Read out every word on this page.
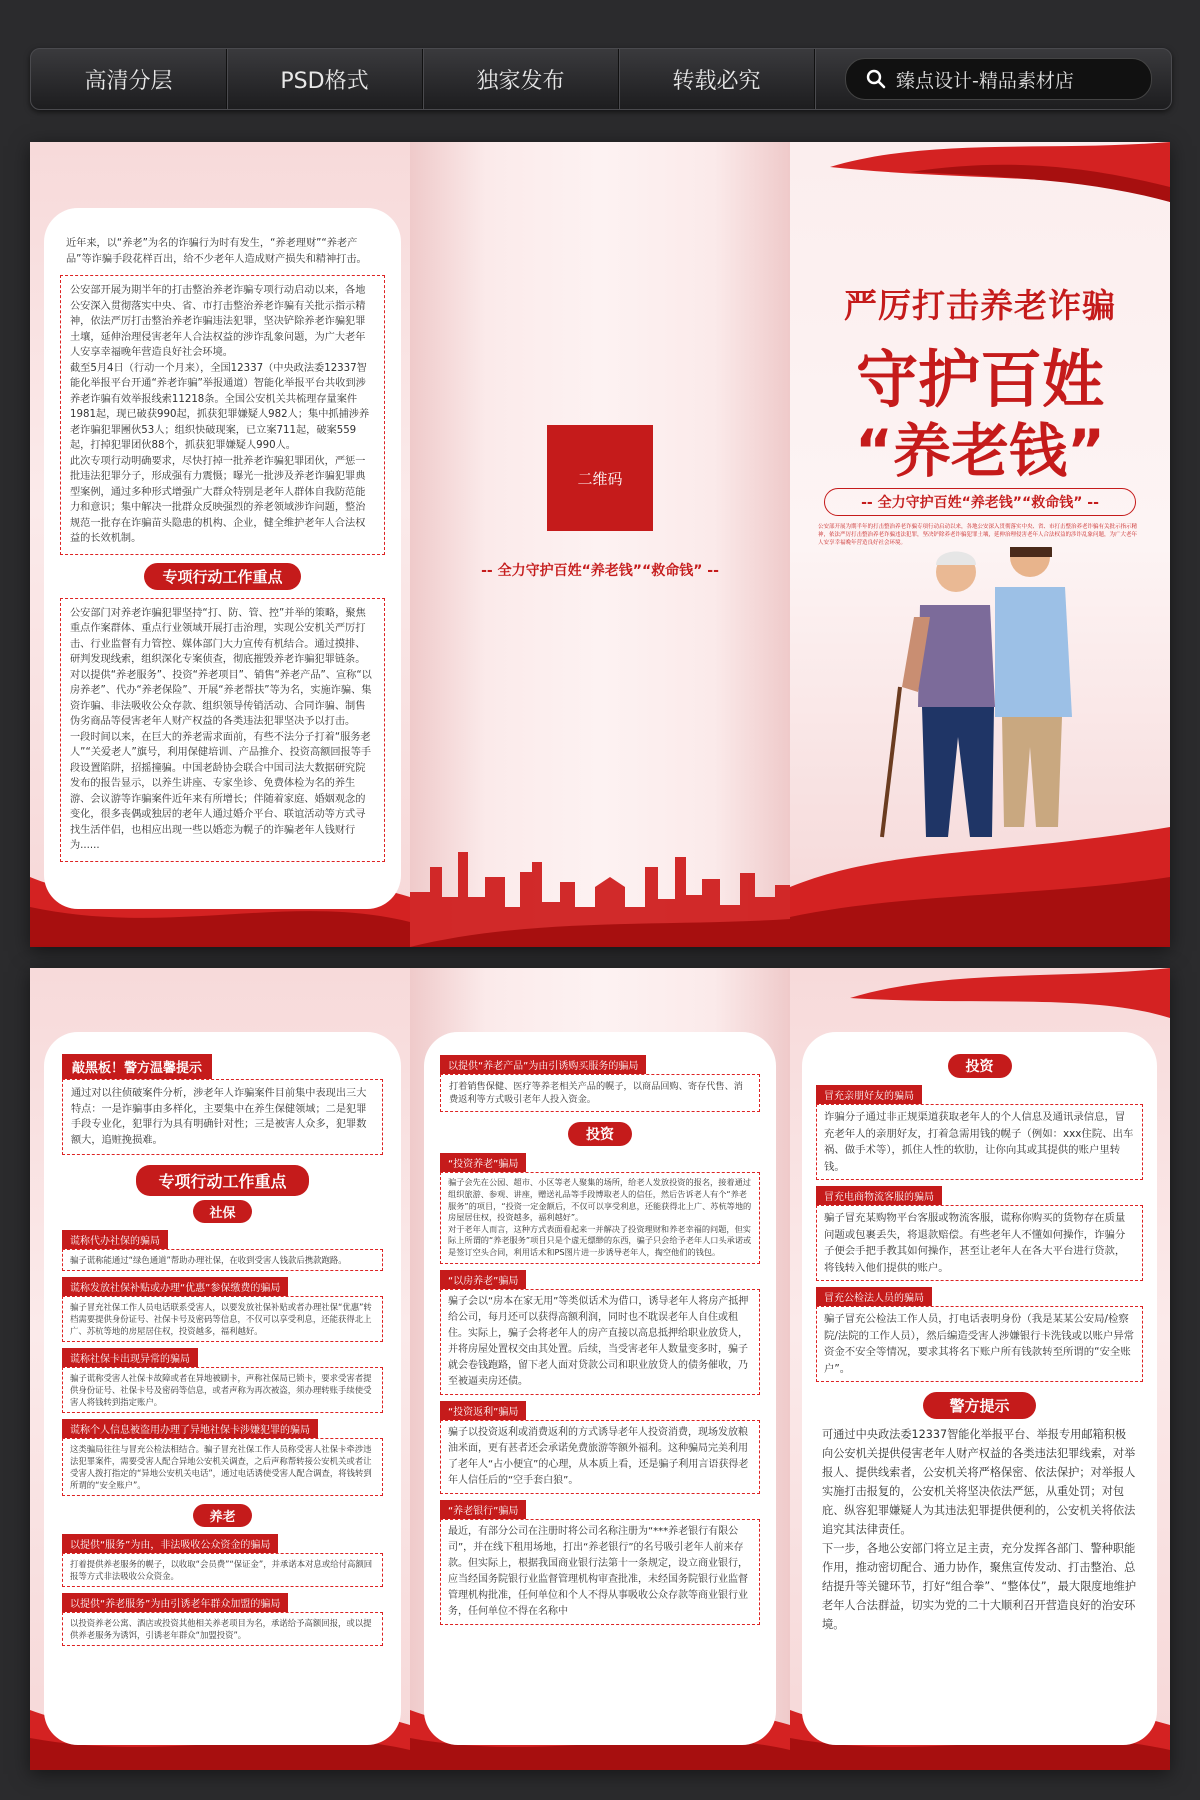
高清分层	PSD格式	独家发布	转载必究	臻点设计-精品素材店

近年来，以“养老”为名的诈骗行为时有发生，“养老理财”“养老产品”等诈骗手段花样百出，给不少老年人造成财产损失和精神打击。

公安部开展为期半年的打击整治养老诈骗专项行动启动以来，各地公安深入贯彻落实中央、省、市打击整治养老诈骗有关批示指示精神，依法严厉打击整治养老诈骗违法犯罪，坚决铲除养老诈骗犯罪土壤，延伸治理侵害老年人合法权益的涉诈乱象问题，为广大老年人安享幸福晚年营造良好社会环境。
截至5月4日（行动一个月来），全国12337（中央政法委12337智能化举报平台开通“养老诈骗”举报通道）智能化举报平台共收到涉养老诈骗有效举报线索11218条。全国公安机关共梳理存量案件1981起，现已破获990起，抓获犯罪嫌疑人982人；集中抓捕涉养老诈骗犯罪團伙53人；组织快破现案，已立案711起，破案559起，打掉犯罪团伙88个，抓获犯罪嫌疑人990人。
此次专项行动明确要求，尽快打掉一批养老诈骗犯罪团伙，严惩一批违法犯罪分子，形成强有力震慑；曝光一批涉及养老诈骗犯罪典型案例，通过多种形式增强广大群众特别是老年人群体自我防范能力和意识；集中解决一批群众反映强烈的养老领域涉诈问题，整治规范一批存在诈骗苗头隐患的机构、企业，健全维护老年人合法权益的长效机制。

专项行动工作重点

公安部门对养老诈骗犯罪坚持“打、防、管、控”并举的策略，聚焦重点作案群体、重点行业领域开展打击治理，实现公安机关严厉打击、行业监督有力管控、媒体部门大力宣传有机结合。通过摸排、研判发现线索，组织深化专案侦查，彻底摧毁养老诈骗犯罪链条。对以提供“养老服务”、投资“养老项目”、销售“养老产品”、宣称“以房养老”、代办“养老保险”、开展“养老帮扶”等为名，实施诈骗、集资诈骗、非法吸收公众存款、组织领导传销活动、合同诈骗、制售伪劣商品等侵害老年人财产权益的各类违法犯罪坚决予以打击。
一段时间以来，在巨大的养老需求面前，有些不法分子打着“服务老人”“关爱老人”旗号，利用保健培训、产品推介、投资高额回报等手段设置陷阱，招摇撞骗。中国老龄协会联合中国司法大数据研究院发布的报告显示，以养生讲座、专家坐诊、免费体检为名的养生游、会议游等诈骗案件近年来有所增长；伴随着家庭、婚姻观念的变化，很多丧偶或独居的老年人通过婚介平台、联谊活动等方式寻找生活伴侣，也相应出现一些以婚恋为幌子的诈骗老年人钱财行为......

二维码
-- 全力守护百姓“养老钱”“救命钱” --
严厉打击养老诈骗
守护百姓
“养老钱”
-- 全力守护百姓“养老钱”“救命钱” --

公安部开展为期半年的打击整治养老诈骗专项行动启动以来，各地公安深入贯彻落实中央、省、市打击整治养老诈骗有关批示指示精神，依法严厉打击整治养老诈骗违法犯罪，坚决铲除养老诈骗犯罪土壤，延伸治理侵害老年人合法权益的涉诈乱象问题，为广大老年人安享幸福晚年营造良好社会环境。

敲黑板！警方温馨提示

通过对以往侦破案件分析，涉老年人诈骗案件目前集中表现出三大特点：一是诈骗事由多样化，主要集中在养生保健领域；二是犯罪手段专业化，犯罪行为具有明确针对性；三是被害人众多，犯罪数额大，追赃挽损难。

专项行动工作重点
社保
谎称代办社保的骗局

骗子谎称能通过“绿色通道”帮助办理社保，在收到受害人钱款后携款跑路。

谎称发放社保补贴或办理“优惠”参保缴费的骗局

骗子冒充社保工作人员电话联系受害人，以要发放社保补贴或者办理社保“优惠”转档需要提供身份证号、社保卡号及密码等信息，不仅可以享受利息，还能获得北上广、苏杭等地的房屋居住权，投资越多，福利越好。

谎称社保卡出现异常的骗局

骗子谎称受害人社保卡故障或者在异地被刷卡，声称社保局已锁卡，要求受害者提供身份证号、社保卡号及密码等信息，或者声称为再次被盗，须办理转账手续使受害人将钱转到指定账户。

谎称个人信息被盗用办理了异地社保卡涉嫌犯罪的骗局

这类骗局往往与冒充公检法相结合。骗子冒充社保工作人员称受害人社保卡牵涉违法犯罪案件，需要受害人配合异地公安机关调查，之后声称帮转接公安机关或者让受害人拨打指定的“异地公安机关电话”，通过电话诱使受害人配合调查，将钱转到所谓的“安全账户”。

养老
以提供“服务”为由，非法吸收公众资金的骗局

打着提供养老服务的幌子，以收取“会员费”“保证金”，并承诺本对息或给付高额回报等方式非法吸收公众资金。

以提供“养老服务”为由引诱老年群众加盟的骗局

以投资养老公寓、酒店或投资其他相关养老项目为名，承诺给予高额回报，或以提供养老服务为诱饵，引诱老年群众“加盟投资”。

以提供“养老产品”为由引诱购买服务的骗局

打着销售保健、医疗等养老相关产品的幌子，以商品回购、寄存代售、消费返利等方式吸引老年人投入资金。

投资
“投资养老”骗局

骗子会先在公园、超市、小区等老人聚集的场所，给老人发放投资的报名，接着通过组织旅游、参观、讲座，赠送礼品等手段博取老人的信任，然后告诉老人有个“养老服务”的项目，“投资一定金额后，不仅可以享受利息，还能获得北上广、苏杭等地的房屋居住权，投资越多，福利越好”。
对于老年人而言，这种方式表面看起来一并解决了投资理财和养老幸福的问题，但实际上所谓的“养老服务”项目只是个虚无缥缈的东西，骗子只会给予老年人口头承诺或是签订空头合同，利用话术和PS图片进一步诱导老年人，掏空他们的钱包。

“以房养老”骗局

骗子会以“房本在家无用”等类似话术为借口，诱导老年人将房产抵押给公司，每月还可以获得高额利润，同时也不耽误老年人自住或租住。实际上，骗子会将老年人的房产直接以高息抵押给职业放贷人，并将房屋处置权交由其处置。后续，当受害老年人数量变多时，骗子就会卷钱跑路，留下老人面对贷款公司和职业放贷人的债务催收，乃至被逼卖房还债。

“投资返利”骗局

骗子以投资返利或消费返利的方式诱导老年人投资消费，现场发放粮油米面，更有甚者还会承诺免费旅游等额外福利。这种骗局完美利用了老年人“占小便宜”的心理，从本质上看，还是骗子利用言语获得老年人信任后的“空手套白狼”。

“养老银行”骗局

最近，有部分公司在注册时将公司名称注册为“***养老银行有限公司”，并在线下租用场地，打出“养老银行”的名号吸引老年人前来存款。但实际上，根据我国商业银行法第十一条规定，设立商业银行，应当经国务院银行业监督管理机构审查批准，未经国务院银行业监督管理机构批准，任何单位和个人不得从事吸收公众存款等商业银行业务，任何单位不得在名称中

投资
冒充亲朋好友的骗局

诈骗分子通过非正规渠道获取老年人的个人信息及通讯录信息，冒充老年人的亲朋好友，打着急需用钱的幌子（例如：xxx住院、出车祸、做手术等），抓住人性的软肋，让你向其或其提供的账户里转钱。

冒充电商物流客服的骗局

骗子冒充某购物平台客服或物流客服，谎称你购买的货物存在质量问题或包裹丢失，将退款赔偿。有些老年人不懂如何操作，诈骗分子便会手把手教其如何操作，甚至让老年人在各大平台进行贷款，将钱转入他们提供的账户。

冒充公检法人员的骗局

骗子冒充公检法工作人员，打电话表明身份（我是某某公安局/检察院/法院的工作人员），然后编造受害人涉嫌银行卡洗钱或以账户异常资金不安全等情况，要求其将名下账户所有钱款转至所谓的“安全账户”。

警方提示

可通过中央政法委12337智能化举报平台、举报专用邮箱积极向公安机关提供侵害老年人财产权益的各类违法犯罪线索，对举报人、提供线索者，公安机关将严格保密、依法保护；对举报人实施打击报复的，公安机关将坚决依法严惩，从重处罚；对包庇、纵容犯罪嫌疑人为其违法犯罪提供便利的，公安机关将依法追究其法律责任。
下一步，各地公安部门将立足主责，充分发挥各部门、警种职能作用，推动密切配合、通力协作，聚焦宣传发动、打击整治、总结提升等关键环节，打好“组合拳”、“整体仗”，最大限度地维护老年人合法群益，切实为党的二十大顺利召开营造良好的治安环境。
